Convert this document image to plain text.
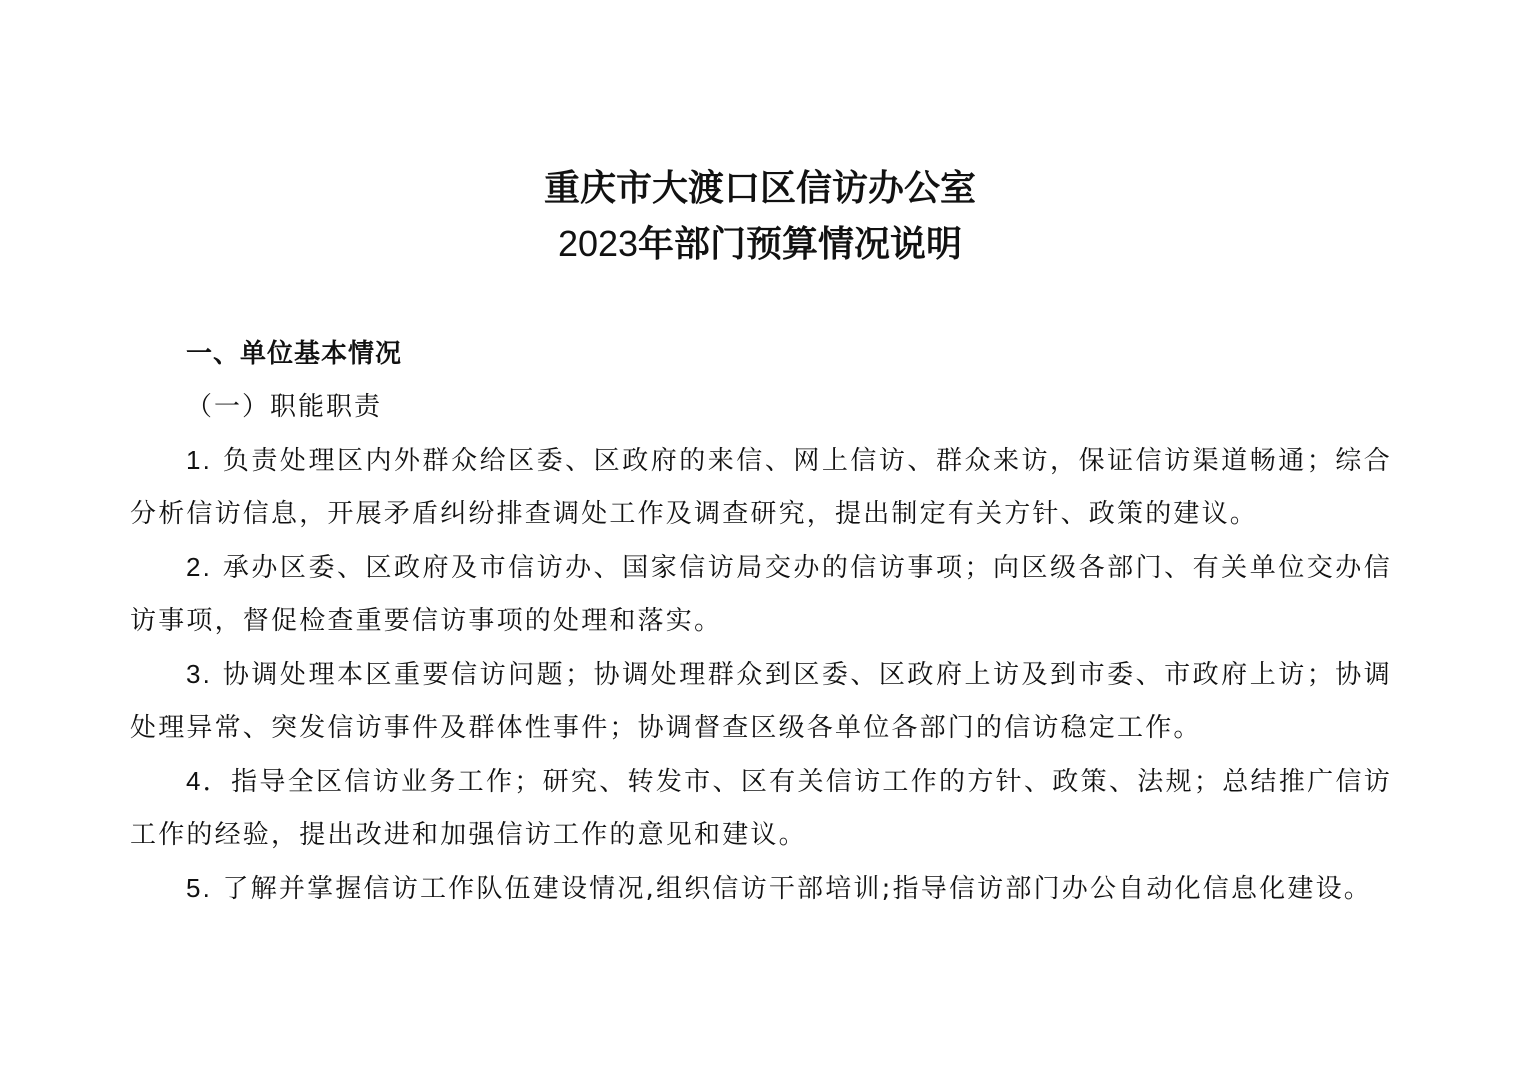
重庆市大渡口区信访办公室
2023年部门预算情况说明

一、单位基本情况

（一）职能职责

1. 负责处理区内外群众给区委、区政府的来信、网上信访、群众来访，保证信访渠道畅通；综合分析信访信息，开展矛盾纠纷排查调处工作及调查研究，提出制定有关方针、政策的建议。

2. 承办区委、区政府及市信访办、国家信访局交办的信访事项；向区级各部门、有关单位交办信访事项，督促检查重要信访事项的处理和落实。

3. 协调处理本区重要信访问题；协调处理群众到区委、区政府上访及到市委、市政府上访；协调处理异常、突发信访事件及群体性事件；协调督查区级各单位各部门的信访稳定工作。

4．指导全区信访业务工作；研究、转发市、区有关信访工作的方针、政策、法规；总结推广信访工作的经验，提出改进和加强信访工作的意见和建议。

5. 了解并掌握信访工作队伍建设情况,组织信访干部培训;指导信访部门办公自动化信息化建设。
